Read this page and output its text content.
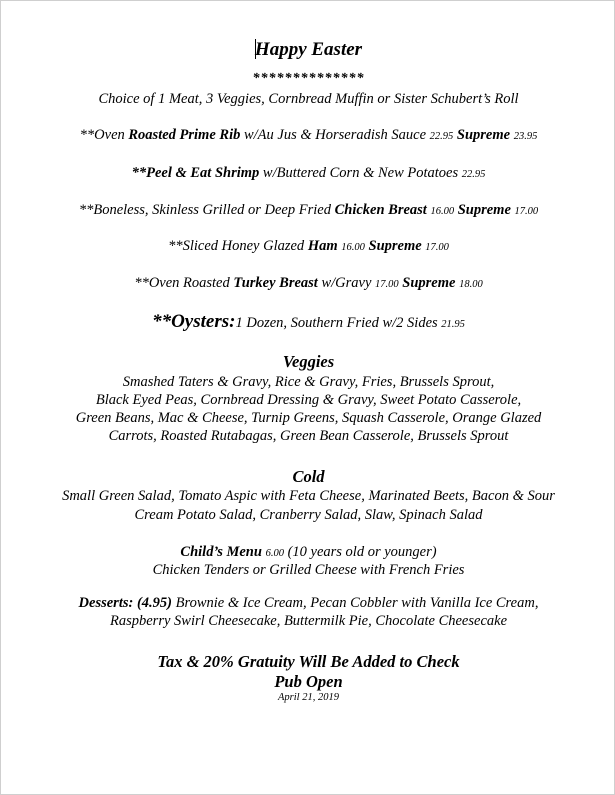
Happy Easter
**************
Choice of 1 Meat, 3 Veggies, Cornbread Muffin or Sister Schubert’s Roll
**Oven Roasted Prime Rib w/Au Jus & Horseradish Sauce 22.95 Supreme 23.95
**Peel & Eat Shrimp w/Buttered Corn & New Potatoes 22.95
**Boneless, Skinless Grilled or Deep Fried Chicken Breast 16.00 Supreme 17.00
**Sliced Honey Glazed Ham 16.00 Supreme 17.00
**Oven Roasted Turkey Breast w/Gravy 17.00 Supreme 18.00
**Oysters:1 Dozen, Southern Fried w/2 Sides 21.95
Veggies
Smashed Taters & Gravy, Rice & Gravy, Fries, Brussels Sprout,
Black Eyed Peas, Cornbread Dressing & Gravy, Sweet Potato Casserole,
Green Beans, Mac & Cheese, Turnip Greens, Squash Casserole, Orange Glazed
Carrots, Roasted Rutabagas, Green Bean Casserole, Brussels Sprout
Cold
Small Green Salad, Tomato Aspic with Feta Cheese, Marinated Beets, Bacon & Sour
Cream Potato Salad, Cranberry Salad, Slaw, Spinach Salad
Child’s Menu 6.00 (10 years old or younger)
Chicken Tenders or Grilled Cheese with French Fries
Desserts: (4.95) Brownie & Ice Cream, Pecan Cobbler with Vanilla Ice Cream,
Raspberry Swirl Cheesecake, Buttermilk Pie, Chocolate Cheesecake
Tax & 20% Gratuity Will Be Added to Check
Pub Open
April 21, 2019
